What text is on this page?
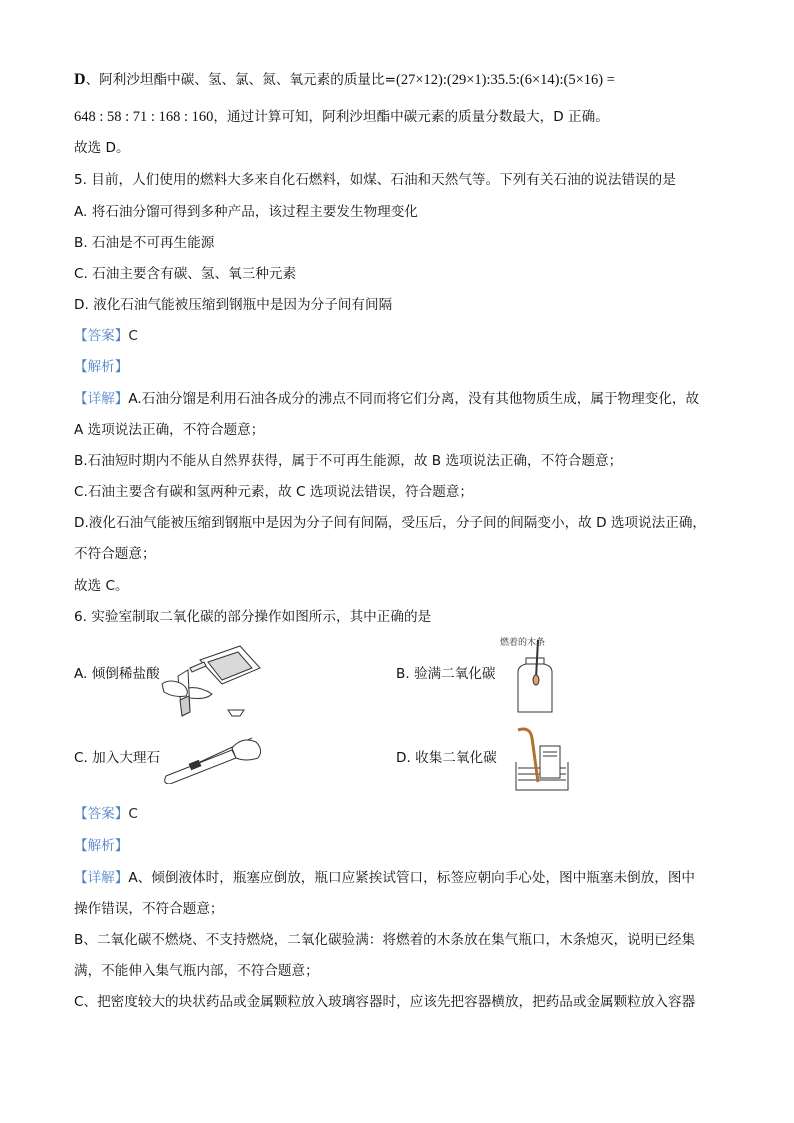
D、阿利沙坦酯中碳、氢、氯、氮、氧元素的质量比=(27×12):(29×1):35.5:(6×14):(5×16) =
648 : 58 : 71 : 168 : 160，通过计算可知，阿利沙坦酯中碳元素的质量分数最大，D 正确。
故选 D。
5. 目前，人们使用的燃料大多来自化石燃料，如煤、石油和天然气等。下列有关石油的说法错误的是
A. 将石油分馏可得到多种产品，该过程主要发生物理变化
B. 石油是不可再生能源
C. 石油主要含有碳、氢、氧三种元素
D. 液化石油气能被压缩到钢瓶中是因为分子间有间隔
【答案】C
【解析】
【详解】A.石油分馏是利用石油各成分的沸点不同而将它们分离，没有其他物质生成，属于物理变化，故
A 选项说法正确，不符合题意；
B.石油短时期内不能从自然界获得，属于不可再生能源，故 B 选项说法正确，不符合题意；
C.石油主要含有碳和氢两种元素，故 C 选项说法错误，符合题意；
D.液化石油气能被压缩到钢瓶中是因为分子间有间隔，受压后，分子间的间隔变小，故 D 选项说法正确，
不符合题意；
故选 C。
6. 实验室制取二氧化碳的部分操作如图所示，其中正确的是
A. 倾倒稀盐酸	B. 验满二氧化碳
C. 加入大理石	D. 收集二氧化碳
燃着的木条
【答案】C
【解析】
【详解】A、倾倒液体时，瓶塞应倒放，瓶口应紧挨试管口，标签应朝向手心处，图中瓶塞未倒放，图中
操作错误，不符合题意；
B、二氧化碳不燃烧、不支持燃烧，二氧化碳验满：将燃着的木条放在集气瓶口，木条熄灭，说明已经集
满，不能伸入集气瓶内部，不符合题意；
C、把密度较大的块状药品或金属颗粒放入玻璃容器时，应该先把容器横放，把药品或金属颗粒放入容器
